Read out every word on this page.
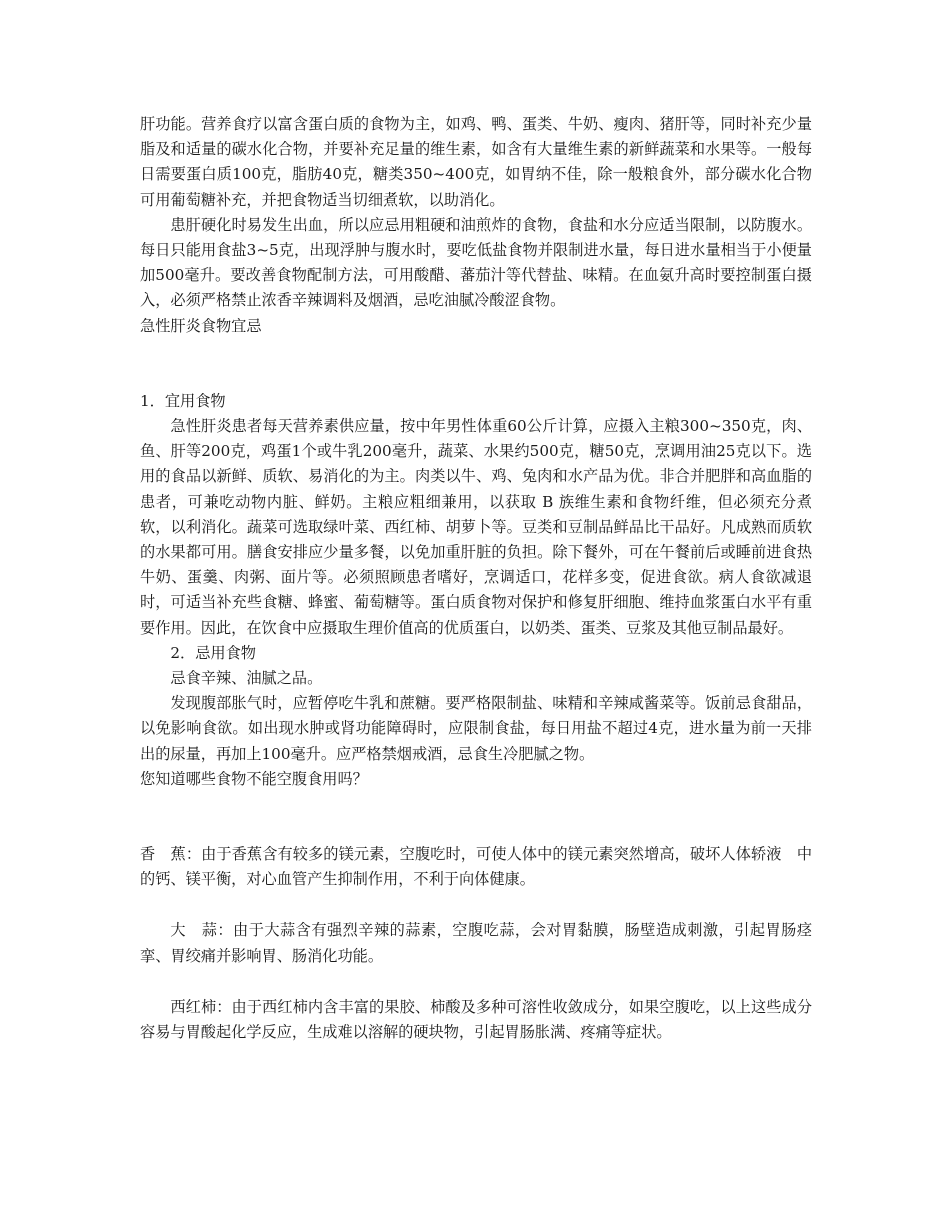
肝功能。营养食疗以富含蛋白质的食物为主，如鸡、鸭、蛋类、牛奶、瘦肉、猪肝等，同时补充少量脂及和适量的碳水化合物，并要补充足量的维生素，如含有大量维生素的新鲜蔬菜和水果等。一般每日需要蛋白质100克，脂肪40克，糖类350~400克，如胃纳不佳，除一般粮食外，部分碳水化合物可用葡萄糖补充，并把食物适当切细煮软，以助消化。

患肝硬化时易发生出血，所以应忌用粗硬和油煎炸的食物，食盐和水分应适当限制，以防腹水。每日只能用食盐3~5克，出现浮肿与腹水时，要吃低盐食物并限制进水量，每日进水量相当于小便量加500毫升。要改善食物配制方法，可用酸醋、蕃茄汁等代替盐、味精。在血氨升高时要控制蛋白摄入，必须严格禁止浓香辛辣调料及烟酒，忌吃油腻冷酸涩食物。

急性肝炎食物宜忌

1．宜用食物

急性肝炎患者每天营养素供应量，按中年男性体重60公斤计算，应摄入主粮300~350克，肉、鱼、肝等200克，鸡蛋1个或牛乳200毫升，蔬菜、水果约500克，糖50克，烹调用油25克以下。选用的食品以新鲜、质软、易消化的为主。肉类以牛、鸡、兔肉和水产品为优。非合并肥胖和高血脂的患者，可兼吃动物内脏、鲜奶。主粮应粗细兼用，以获取 B 族维生素和食物纤维，但必须充分煮软，以利消化。蔬菜可选取绿叶菜、西红柿、胡萝卜等。豆类和豆制品鲜品比干品好。凡成熟而质软的水果都可用。膳食安排应少量多餐，以免加重肝脏的负担。除下餐外，可在午餐前后或睡前进食热牛奶、蛋羹、肉粥、面片等。必须照顾患者嗜好，烹调适口，花样多变，促进食欲。病人食欲减退时，可适当补充些食糖、蜂蜜、葡萄糖等。蛋白质食物对保护和修复肝细胞、维持血浆蛋白水平有重要作用。因此，在饮食中应摄取生理价值高的优质蛋白，以奶类、蛋类、豆浆及其他豆制品最好。

2．忌用食物

忌食辛辣、油腻之品。

发现腹部胀气时，应暂停吃牛乳和蔗糖。要严格限制盐、味精和辛辣咸酱菜等。饭前忌食甜品，以免影响食欲。如出现水肿或肾功能障碍时，应限制食盐，每日用盐不超过4克，进水量为前一天排出的尿量，再加上100毫升。应严格禁烟戒酒，忌食生冷肥腻之物。

您知道哪些食物不能空腹食用吗？

香　蕉：由于香蕉含有较多的镁元素，空腹吃时，可使人体中的镁元素突然增高，破坏人体轿液　中的钙、镁平衡，对心血管产生抑制作用，不利于向体健康。

大　蒜：由于大蒜含有强烈辛辣的蒜素，空腹吃蒜，会对胃黏膜，肠壁造成刺激，引起胃肠痉挛、胃绞痛并影响胃、肠消化功能。

西红柿：由于西红柿内含丰富的果胶、柿酸及多种可溶性收敛成分，如果空腹吃，以上这些成分容易与胃酸起化学反应，生成难以溶解的硬块物，引起胃肠胀满、疼痛等症状。
